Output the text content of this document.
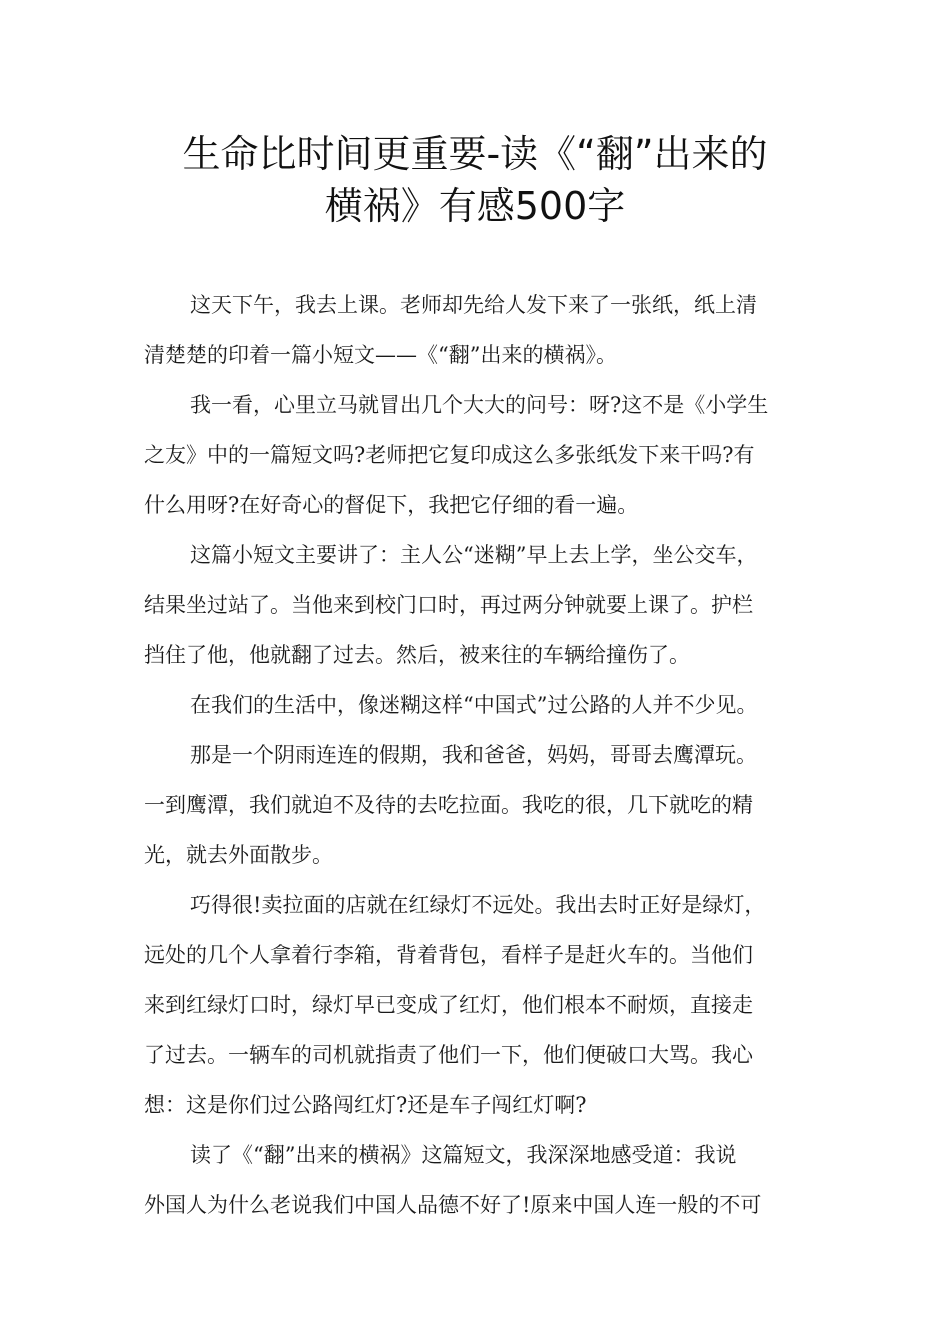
生命比时间更重要-读《“翻”出来的
横祸》有感500字
这天下午，我去上课。老师却先给人发下来了一张纸，纸上清
清楚楚的印着一篇小短文——《“翻”出来的横祸》。
我一看，心里立马就冒出几个大大的问号：呀?这不是《小学生
之友》中的一篇短文吗?老师把它复印成这么多张纸发下来干吗?有
什么用呀?在好奇心的督促下，我把它仔细的看一遍。
这篇小短文主要讲了：主人公“迷糊”早上去上学，坐公交车，
结果坐过站了。当他来到校门口时，再过两分钟就要上课了。护栏
挡住了他，他就翻了过去。然后，被来往的车辆给撞伤了。
在我们的生活中，像迷糊这样“中国式”过公路的人并不少见。
那是一个阴雨连连的假期，我和爸爸，妈妈，哥哥去鹰潭玩。
一到鹰潭，我们就迫不及待的去吃拉面。我吃的很，几下就吃的精
光，就去外面散步。
巧得很!卖拉面的店就在红绿灯不远处。我出去时正好是绿灯，
远处的几个人拿着行李箱，背着背包，看样子是赶火车的。当他们
来到红绿灯口时，绿灯早已变成了红灯，他们根本不耐烦，直接走
了过去。一辆车的司机就指责了他们一下，他们便破口大骂。我心
想：这是你们过公路闯红灯?还是车子闯红灯啊?
读了《“翻”出来的横祸》这篇短文，我深深地感受道：我说
外国人为什么老说我们中国人品德不好了!原来中国人连一般的不可
